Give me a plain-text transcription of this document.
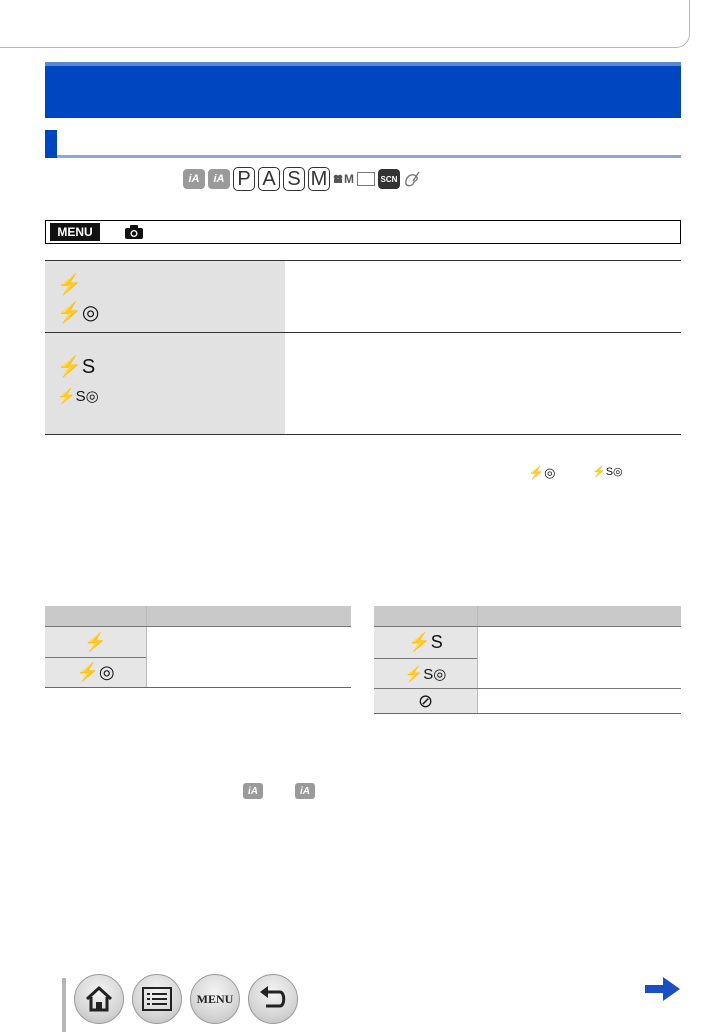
iA	iA P A S M M	SCN
MENU
⚡
⚡◎
⚡S
⚡S◎
⚡◎	⚡S◎
⚡
⚡◎
⚡S
⚡S◎
⊘
iA	iA
MENU
